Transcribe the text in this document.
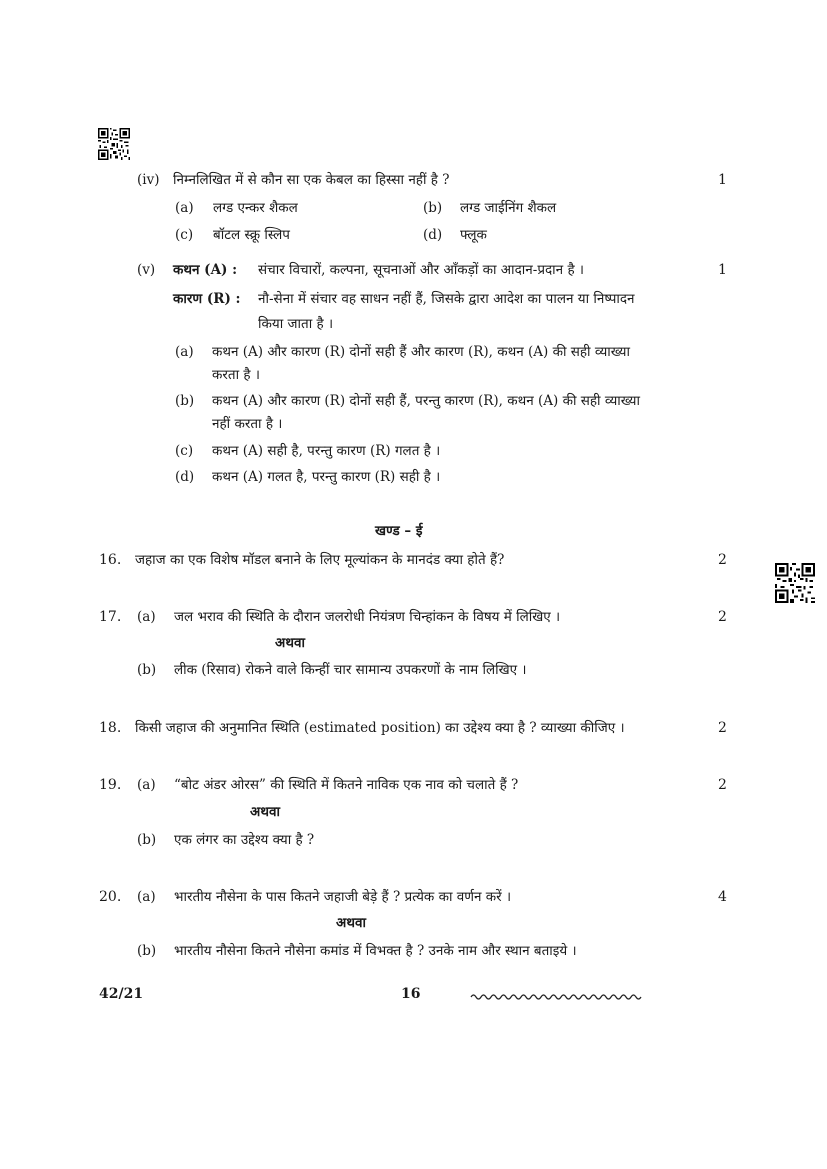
(iv) निम्नलिखित में से कौन सा एक केबल का हिस्सा नहीं है ?	1
(a) लग्ड एन्कर शैकल	(b) लग्ड जाईनिंग शैकल
(c) बॉटल स्क्रू स्लिप	(d) फ्लूक
(v) कथन (A) : संचार विचारों, कल्पना, सूचनाओं और आँकड़ों का आदान-प्रदान है ।	1
कारण (R) : नौ-सेना में संचार वह साधन नहीं हैं, जिसके द्वारा आदेश का पालन या निष्पादन
किया जाता है ।
(a) कथन (A) और कारण (R) दोनों सही हैं और कारण (R), कथन (A) की सही व्याख्या
करता है ।
(b) कथन (A) और कारण (R) दोनों सही हैं, परन्तु कारण (R), कथन (A) की सही व्याख्या
नहीं करता है ।
(c) कथन (A) सही है, परन्तु कारण (R) गलत है ।
(d) कथन (A) गलत है, परन्तु कारण (R) सही है ।
खण्ड – ई
16. जहाज का एक विशेष मॉडल बनाने के लिए मूल्यांकन के मानदंड क्या होते हैं?	2
17. (a) जल भराव की स्थिति के दौरान जलरोधी नियंत्रण चिन्हांकन के विषय में लिखिए ।	2
अथवा
(b) लीक (रिसाव) रोकने वाले किन्हीं चार सामान्य उपकरणों के नाम लिखिए ।
18. किसी जहाज की अनुमानित स्थिति (estimated position) का उद्देश्य क्या है ? व्याख्या कीजिए ।	2
19. (a) “बोट अंडर ओरस” की स्थिति में कितने नाविक एक नाव को चलाते हैं ?	2
अथवा
(b) एक लंगर का उद्देश्य क्या है ?
20. (a) भारतीय नौसेना के पास कितने जहाजी बेड़े हैं ? प्रत्येक का वर्णन करें ।	4
अथवा
(b) भारतीय नौसेना कितने नौसेना कमांड में विभक्त है ? उनके नाम और स्थान बताइये ।
42/21	16
